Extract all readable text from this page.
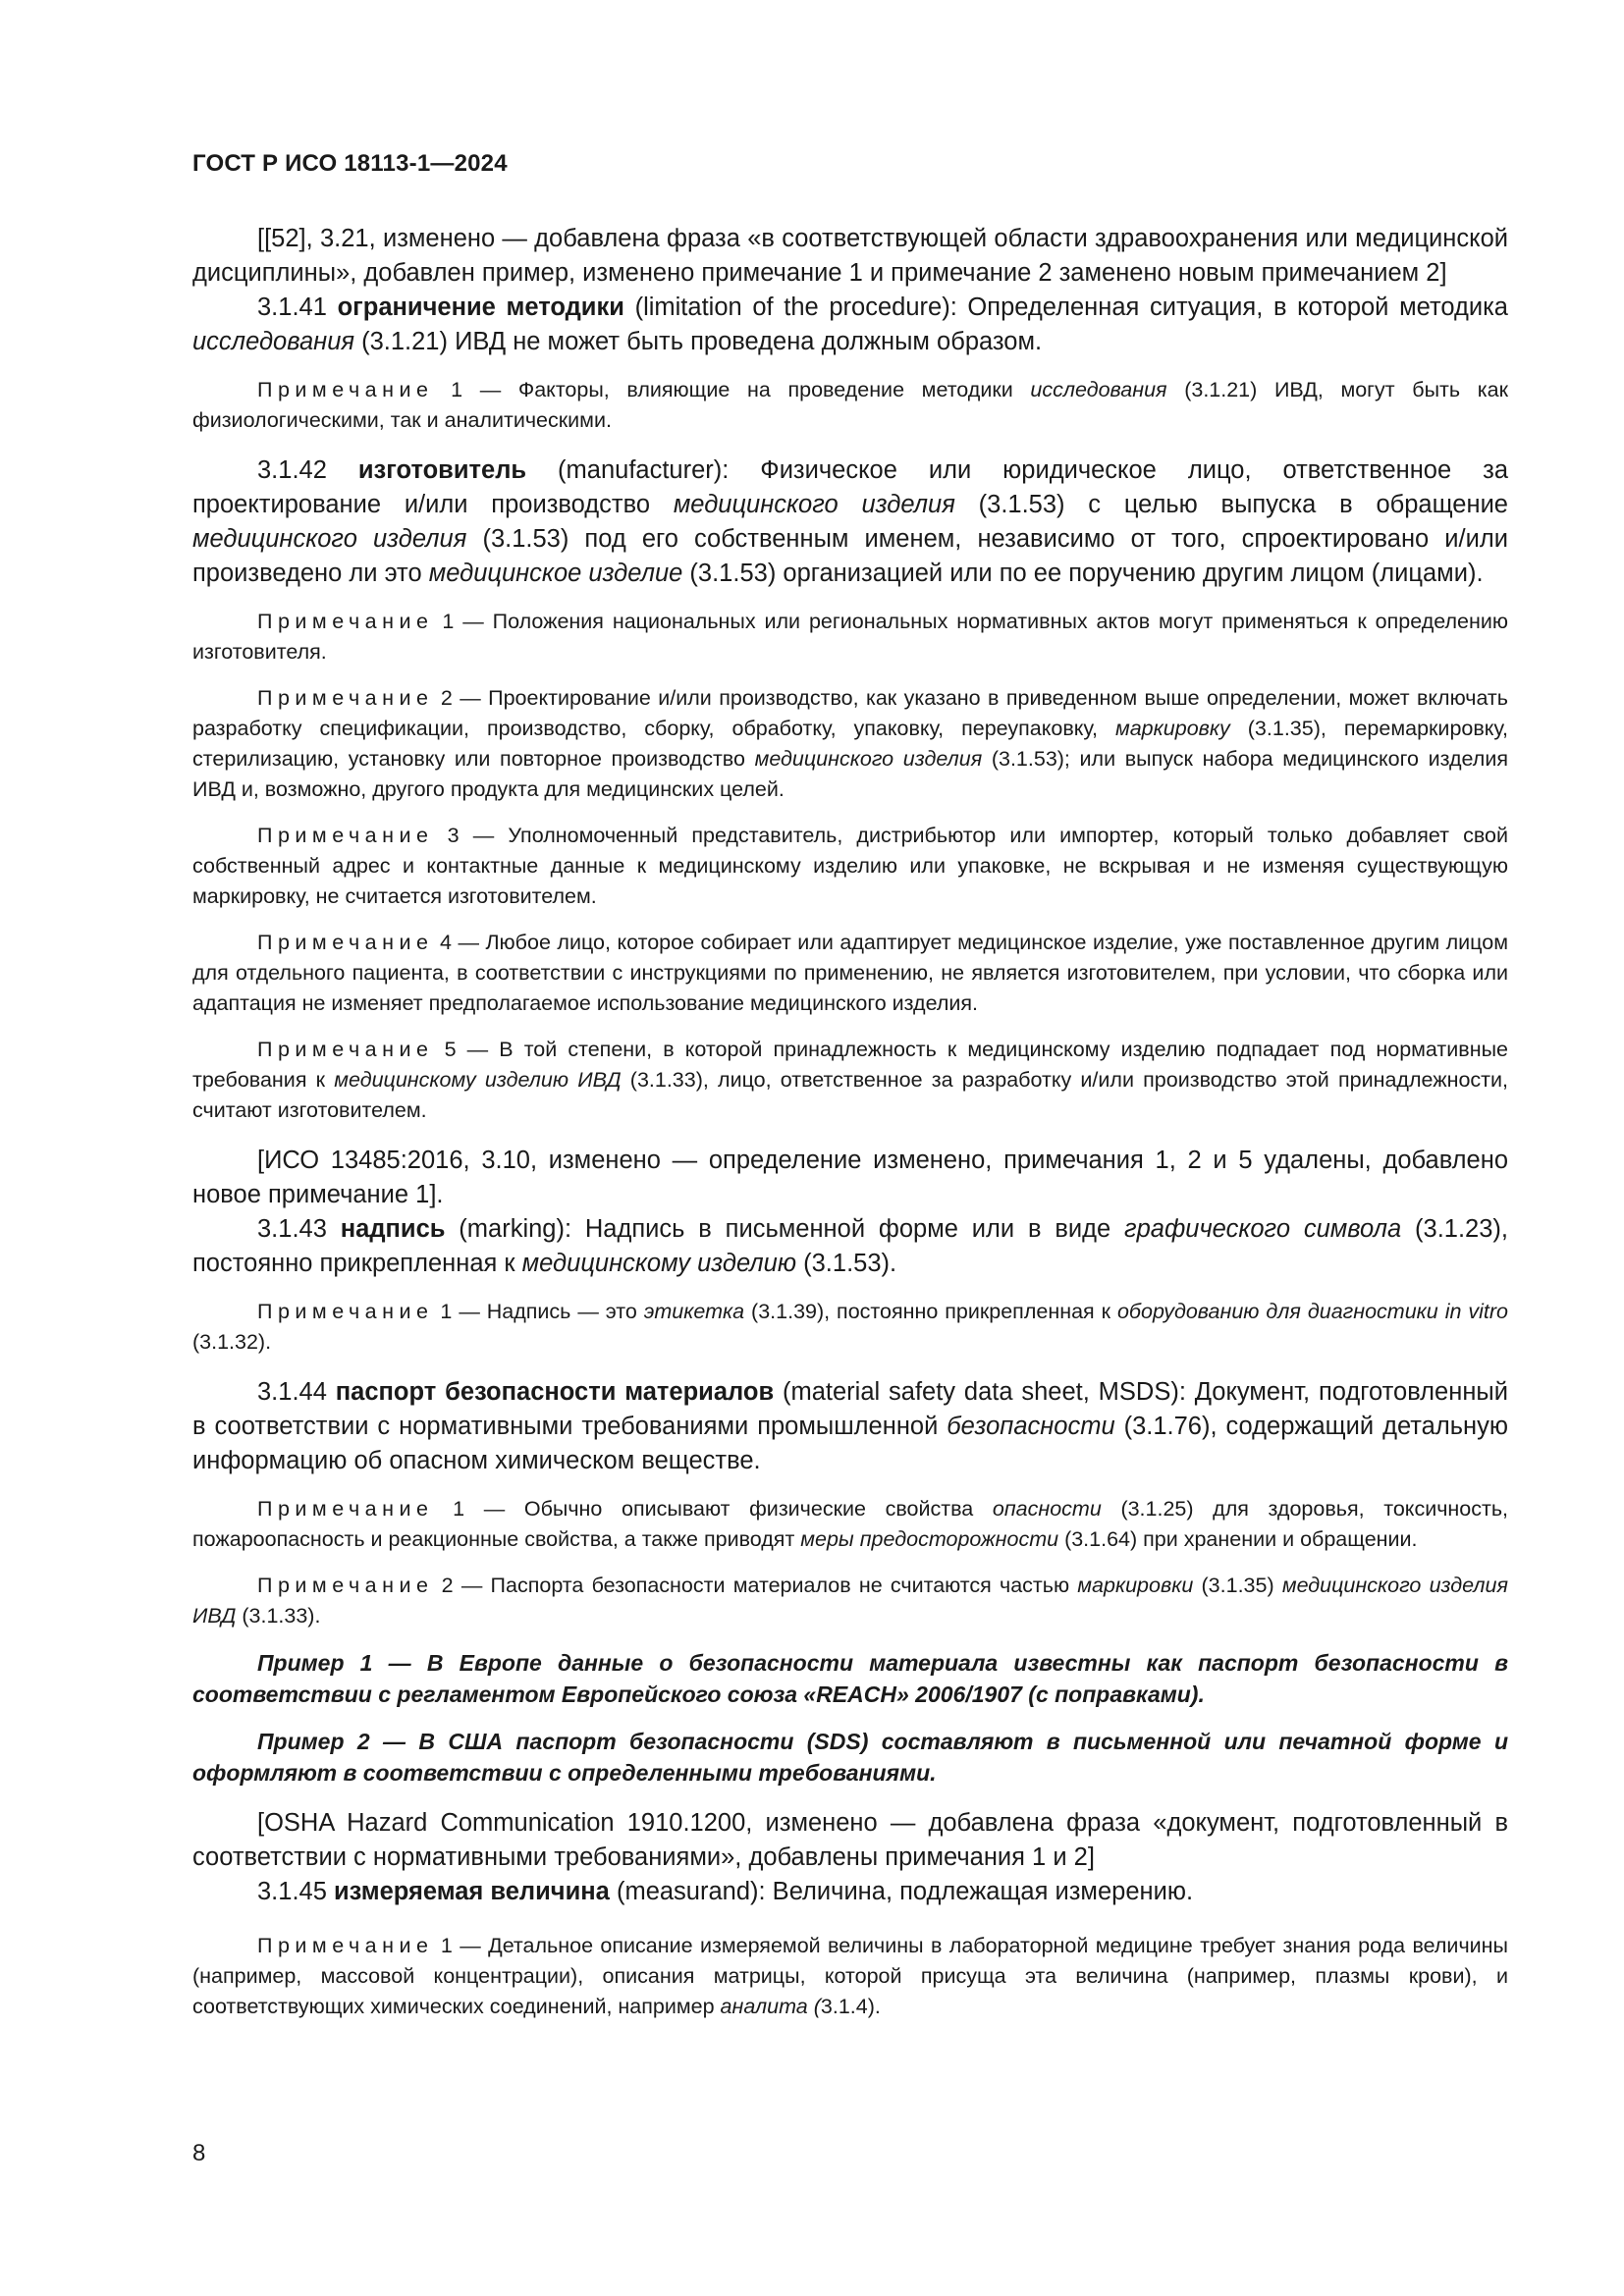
ГОСТ Р ИСО 18113-1—2024

[[52], 3.21, изменено — добавлена фраза «в соответствующей области здравоохранения или медицинской дисциплины», добавлен пример, изменено примечание 1 и примечание 2 заменено новым примечанием 2]

3.1.41 ограничение методики (limitation of the procedure): Определенная ситуация, в которой методика исследования (3.1.21) ИВД не может быть проведена должным образом.

Примечание 1 — Факторы, влияющие на проведение методики исследования (3.1.21) ИВД, могут быть как физиологическими, так и аналитическими.

3.1.42 изготовитель (manufacturer): Физическое или юридическое лицо, ответственное за проектирование и/или производство медицинского изделия (3.1.53) с целью выпуска в обращение медицинского изделия (3.1.53) под его собственным именем, независимо от того, спроектировано и/или произведено ли это медицинское изделие (3.1.53) организацией или по ее поручению другим лицом (лицами).

Примечание 1 — Положения национальных или региональных нормативных актов могут применяться к определению изготовителя.

Примечание 2 — Проектирование и/или производство, как указано в приведенном выше определении, может включать разработку спецификации, производство, сборку, обработку, упаковку, переупаковку, маркировку (3.1.35), перемаркировку, стерилизацию, установку или повторное производство медицинского изделия (3.1.53); или выпуск набора медицинского изделия ИВД и, возможно, другого продукта для медицинских целей.

Примечание 3 — Уполномоченный представитель, дистрибьютор или импортер, который только добавляет свой собственный адрес и контактные данные к медицинскому изделию или упаковке, не вскрывая и не изменяя существующую маркировку, не считается изготовителем.

Примечание 4 — Любое лицо, которое собирает или адаптирует медицинское изделие, уже поставленное другим лицом для отдельного пациента, в соответствии с инструкциями по применению, не является изготовителем, при условии, что сборка или адаптация не изменяет предполагаемое использование медицинского изделия.

Примечание 5 — В той степени, в которой принадлежность к медицинскому изделию подпадает под нормативные требования к медицинскому изделию ИВД (3.1.33), лицо, ответственное за разработку и/или производство этой принадлежности, считают изготовителем.

[ИСО 13485:2016, 3.10, изменено — определение изменено, примечания 1, 2 и 5 удалены, добавлено новое примечание 1].

3.1.43 надпись (marking): Надпись в письменной форме или в виде графического символа (3.1.23), постоянно прикрепленная к медицинскому изделию (3.1.53).

Примечание 1 — Надпись — это этикетка (3.1.39), постоянно прикрепленная к оборудованию для диагностики in vitro (3.1.32).

3.1.44 паспорт безопасности материалов (material safety data sheet, MSDS): Документ, подготовленный в соответствии с нормативными требованиями промышленной безопасности (3.1.76), содержащий детальную информацию об опасном химическом веществе.

Примечание 1 — Обычно описывают физические свойства опасности (3.1.25) для здоровья, токсичность, пожароопасность и реакционные свойства, а также приводят меры предосторожности (3.1.64) при хранении и обращении.

Примечание 2 — Паспорта безопасности материалов не считаются частью маркировки (3.1.35) медицинского изделия ИВД (3.1.33).

Пример 1 — В Европе данные о безопасности материала известны как паспорт безопасности в соответствии с регламентом Европейского союза «REACH» 2006/1907 (с поправками).

Пример 2 — В США паспорт безопасности (SDS) составляют в письменной или печатной форме и оформляют в соответствии с определенными требованиями.

[OSHA Hazard Communication 1910.1200, изменено — добавлена фраза «документ, подготовленный в соответствии с нормативными требованиями», добавлены примечания 1 и 2]

3.1.45 измеряемая величина (measurand): Величина, подлежащая измерению.

Примечание 1 — Детальное описание измеряемой величины в лабораторной медицине требует знания рода величины (например, массовой концентрации), описания матрицы, которой присуща эта величина (например, плазмы крови), и соответствующих химических соединений, например аналита (3.1.4).

8
